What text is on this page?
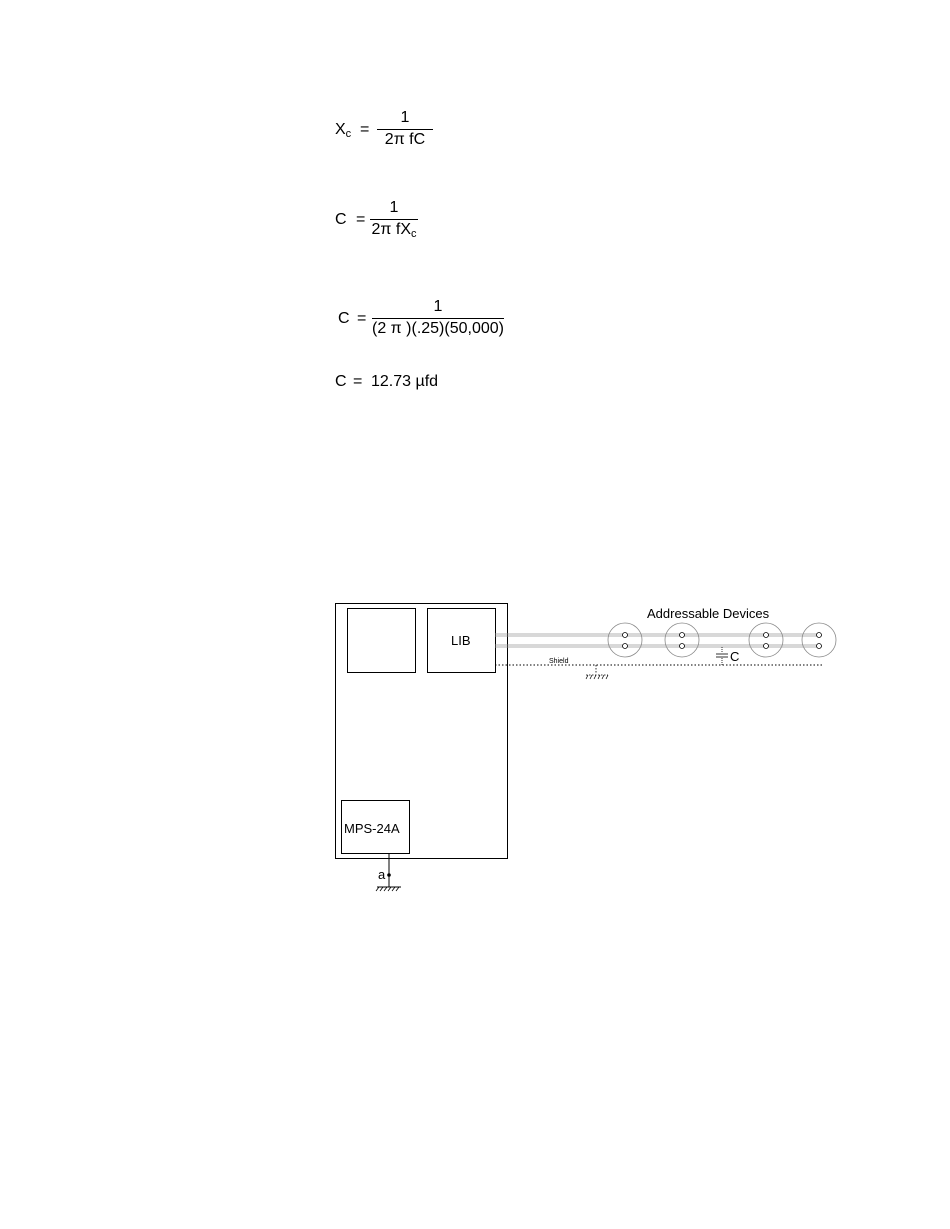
$X_c$ =
1
2π fC
C =
1
2π $fX_c$
C =
1
(2 π )(.25)(50,000)
C = 12.73 µfd
LIB
MPS-24A
a
Shield
Addressable Devices
C
